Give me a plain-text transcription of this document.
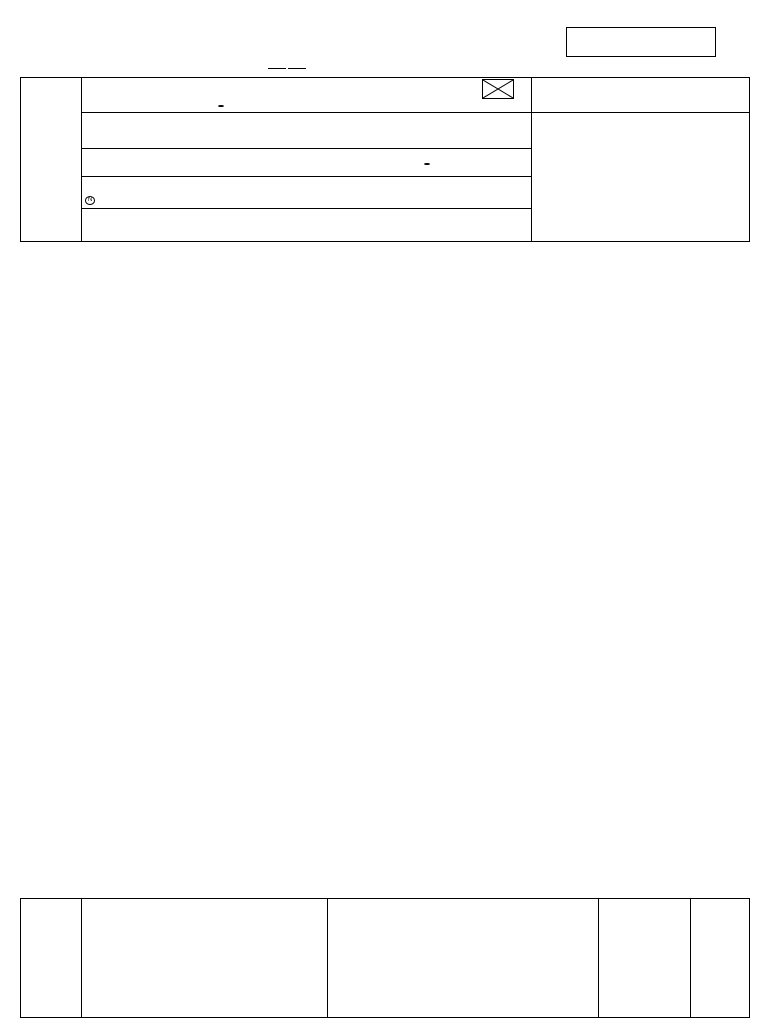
N
